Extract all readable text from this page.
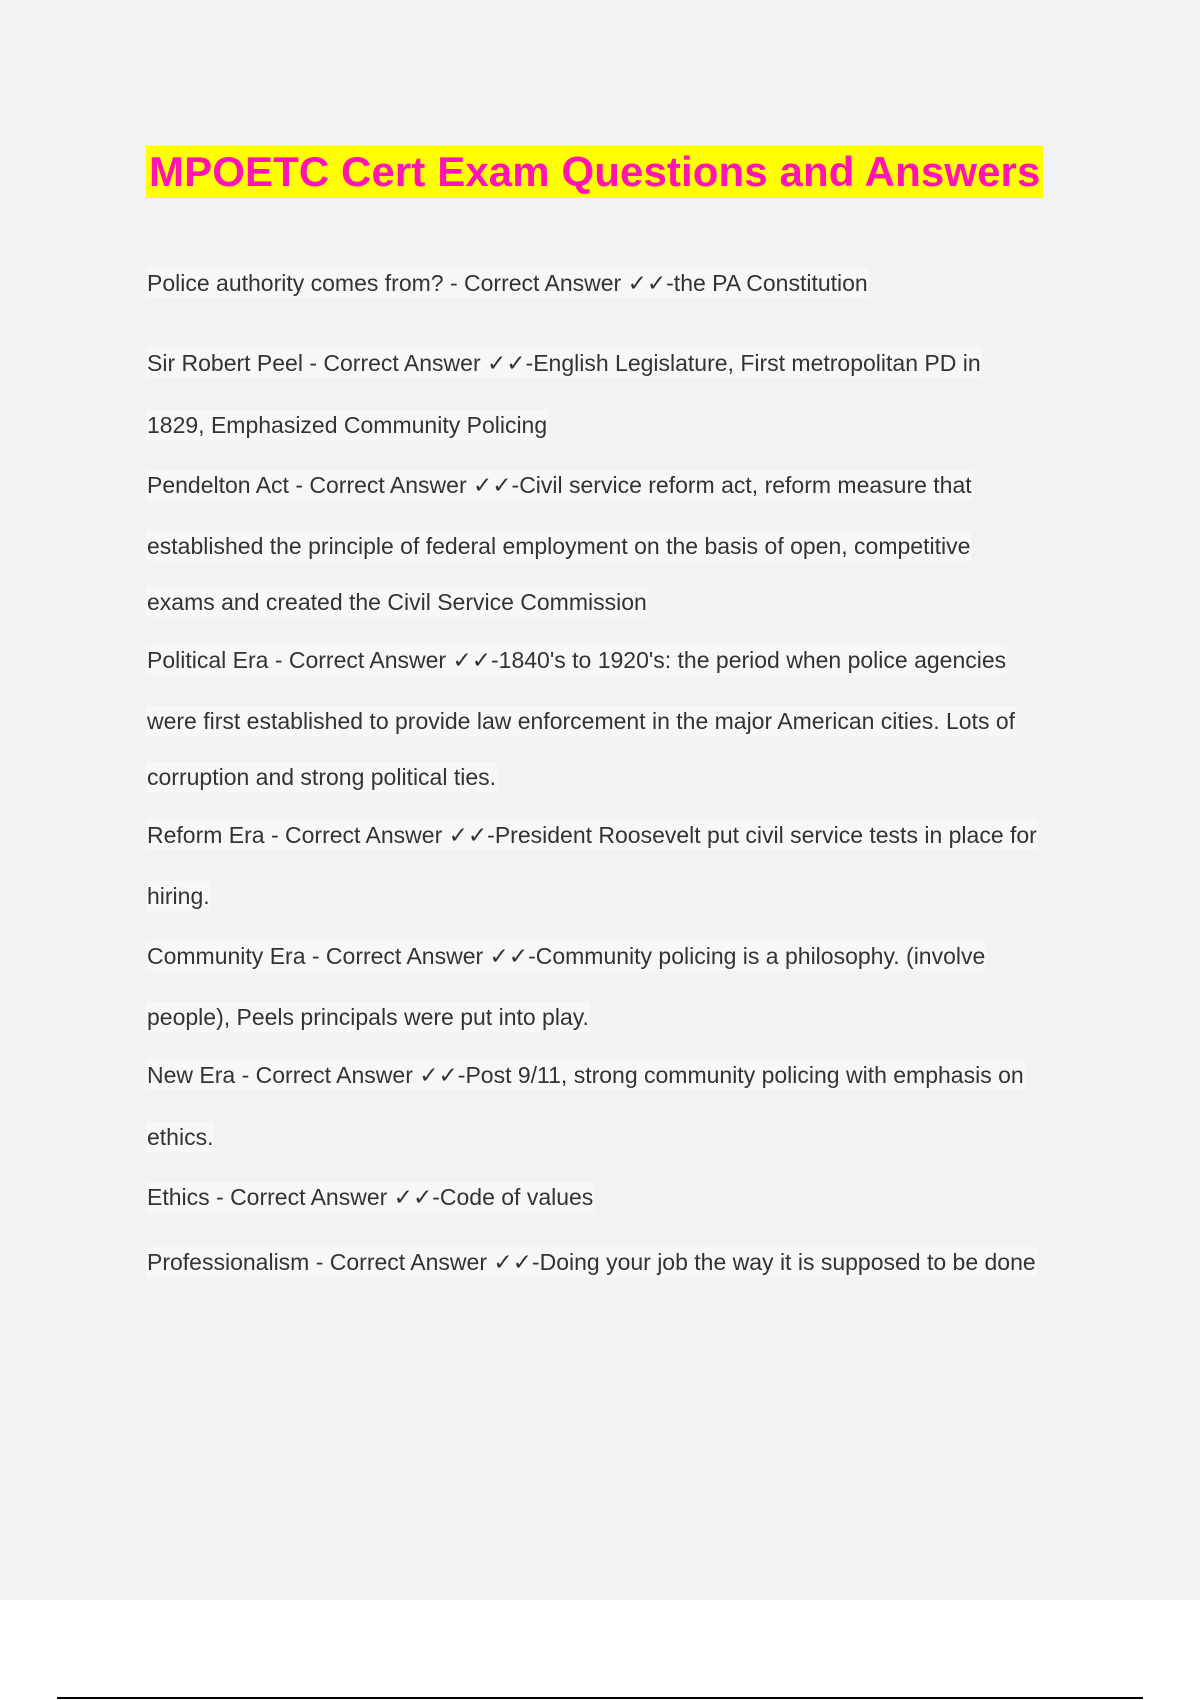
MPOETC Cert Exam Questions and Answers
Police authority comes from? - Correct Answer ✓✓-the PA Constitution
Sir Robert Peel - Correct Answer ✓✓-English Legislature, First metropolitan PD in
1829, Emphasized Community Policing
Pendelton Act - Correct Answer ✓✓-Civil service reform act, reform measure that
established the principle of federal employment on the basis of open, competitive
exams and created the Civil Service Commission
Political Era - Correct Answer ✓✓-1840's to 1920's: the period when police agencies
were first established to provide law enforcement in the major American cities. Lots of
corruption and strong political ties.
Reform Era - Correct Answer ✓✓-President Roosevelt put civil service tests in place for
hiring.
Community Era - Correct Answer ✓✓-Community policing is a philosophy. (involve
people), Peels principals were put into play.
New Era - Correct Answer ✓✓-Post 9/11, strong community policing with emphasis on
ethics.
Ethics - Correct Answer ✓✓-Code of values
Professionalism - Correct Answer ✓✓-Doing your job the way it is supposed to be done
